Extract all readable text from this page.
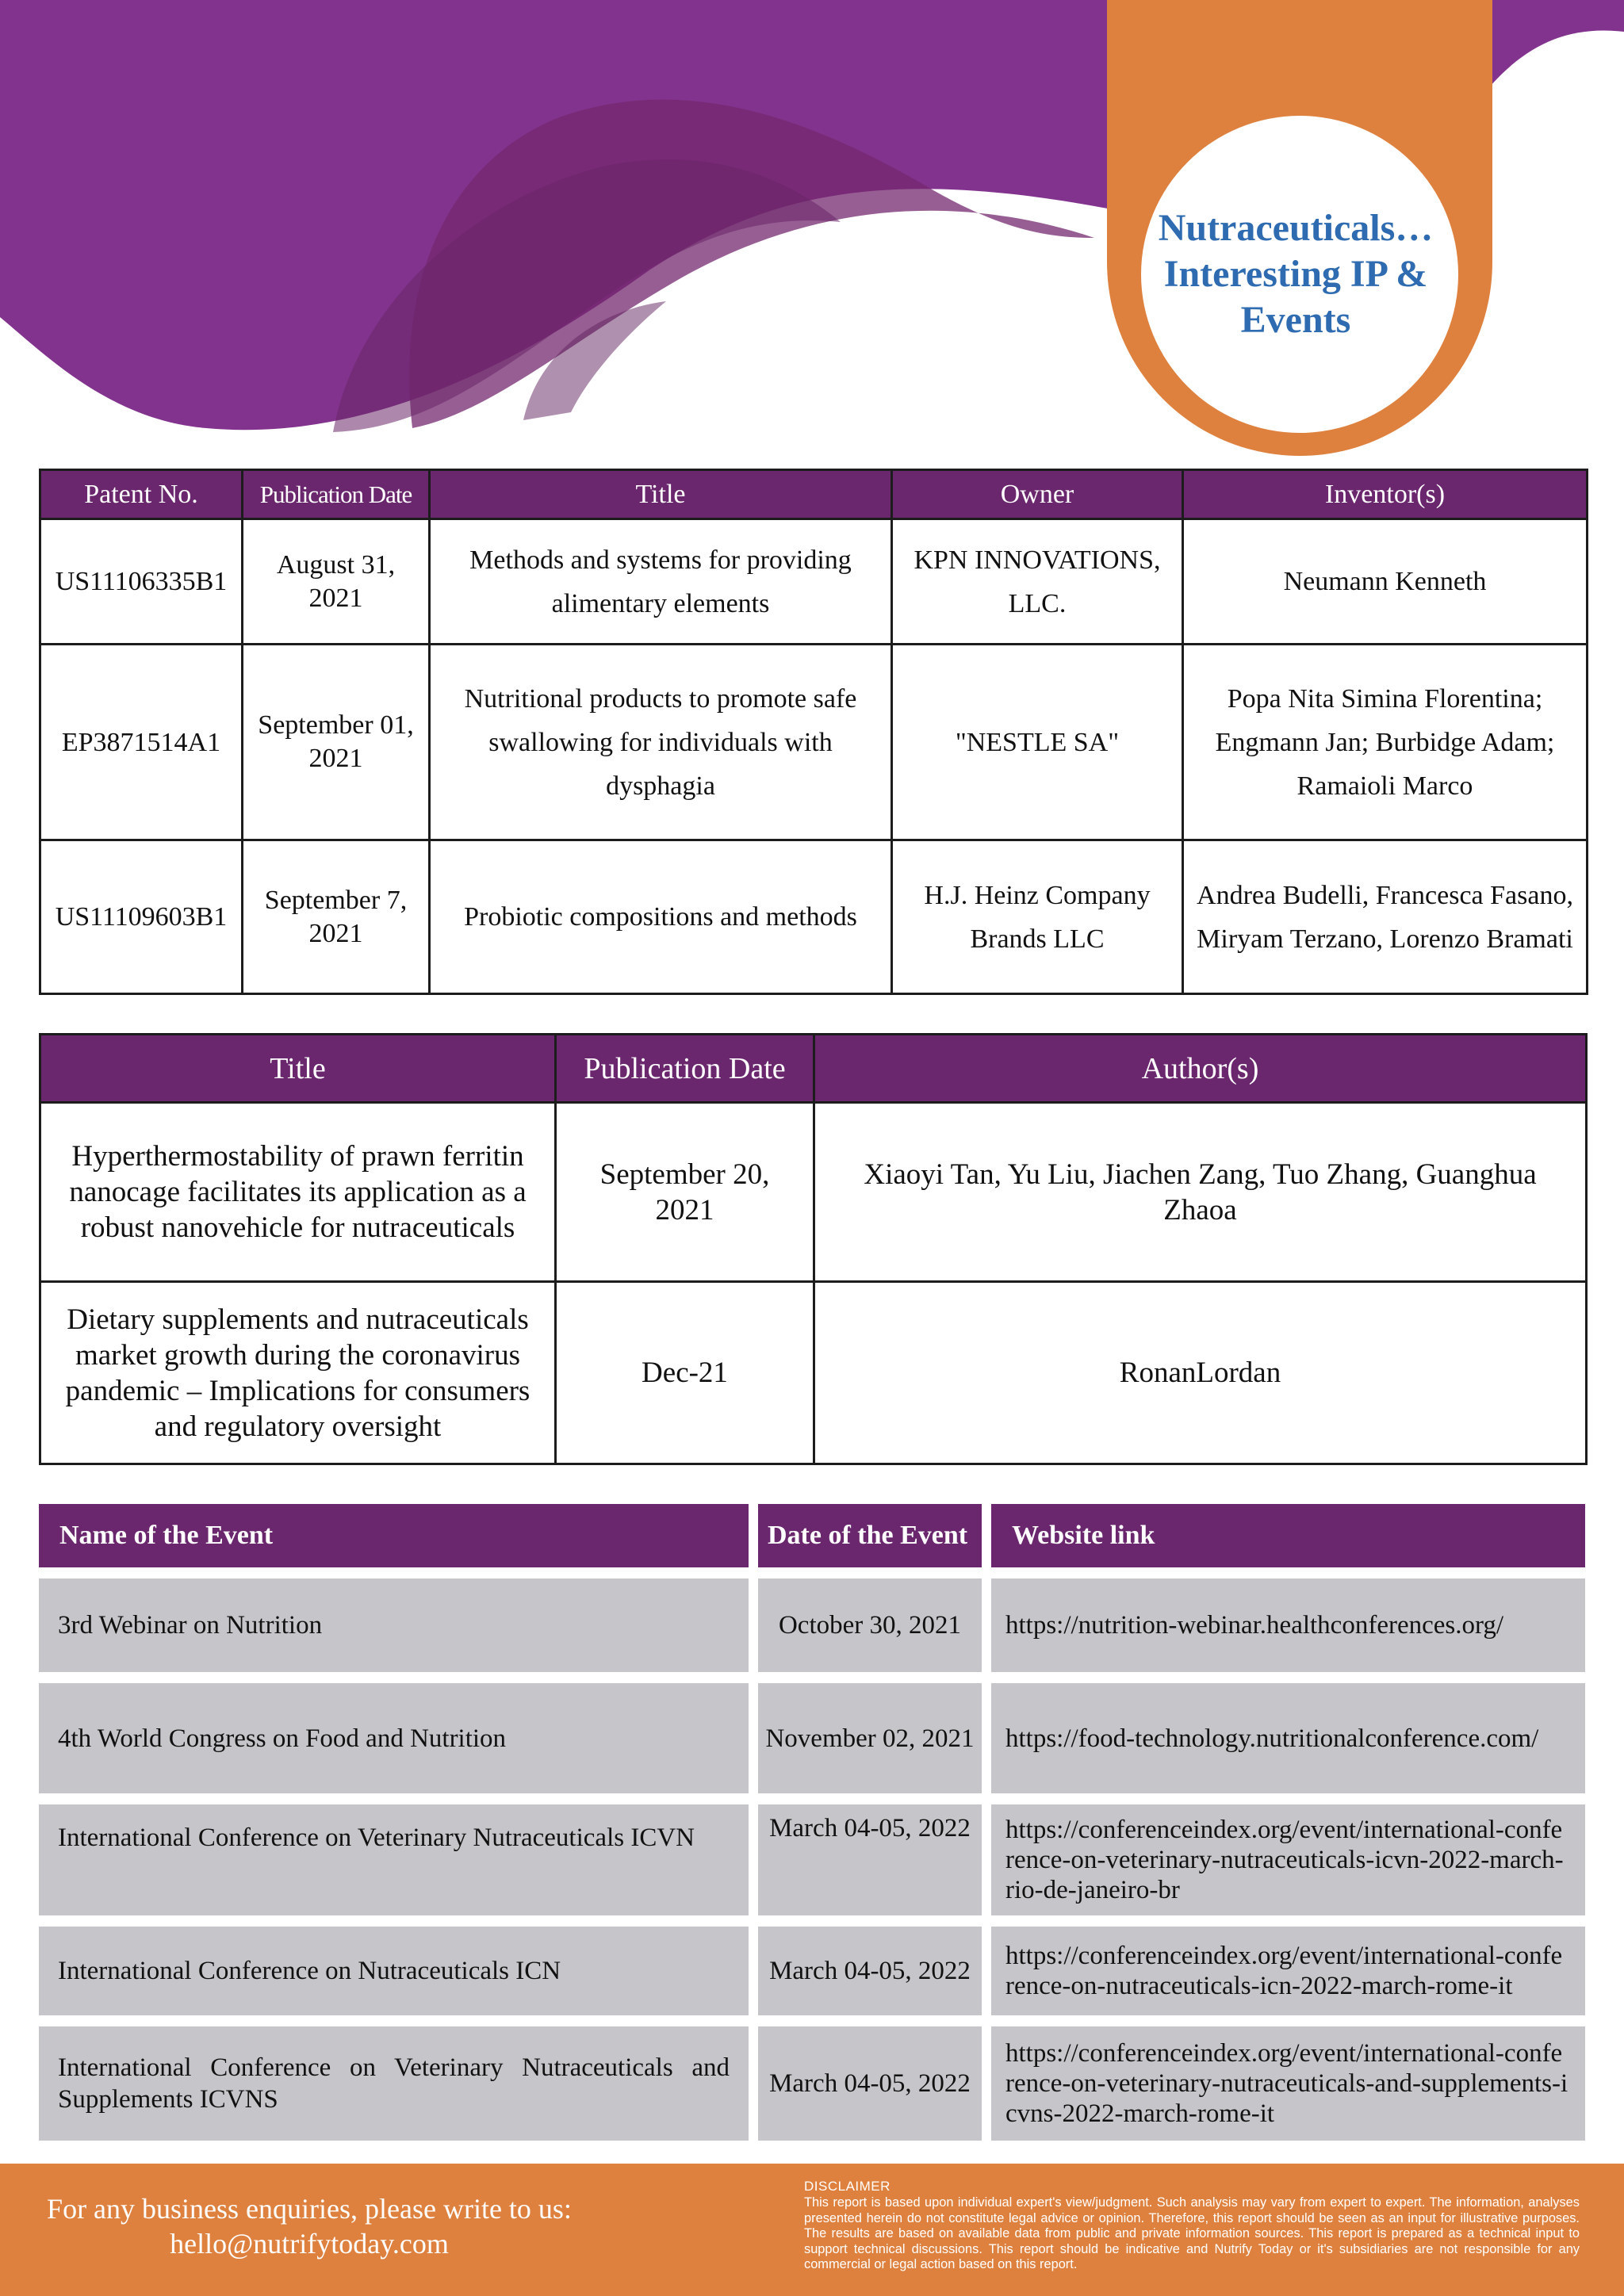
Nutraceuticals…
Interesting IP &
Events
Patent No.	Publication Date	Title	Owner	Inventor(s)
US11106335B1	August 31, 2021	Methods and systems for providing alimentary elements	KPN INNOVATIONS, LLC.	Neumann Kenneth
EP3871514A1	September 01, 2021	Nutritional products to promote safe swallowing for individuals with dysphagia	"NESTLE SA"	Popa Nita Simina Florentina; Engmann Jan; Burbidge Adam; Ramaioli Marco
US11109603B1	September 7, 2021	Probiotic compositions and methods	H.J. Heinz Company Brands LLC	Andrea Budelli, Francesca Fasano, Miryam Terzano, Lorenzo Bramati
Title	Publication Date	Author(s)
Hyperthermostability of prawn ferritin nanocage facilitates its application as a robust nanovehicle for nutraceuticals	September 20, 2021	Xiaoyi Tan, Yu Liu, Jiachen Zang, Tuo Zhang, Guanghua Zhaoa
Dietary supplements and nutraceuticals market growth during the coronavirus pandemic – Implications for consumers and regulatory oversight	Dec-21	RonanLordan
Name of the Event	Date of the Event	Website link
3rd Webinar on Nutrition	October 30, 2021	https://nutrition-webinar.healthconferences.org/
4th World Congress on Food and Nutrition	November 02, 2021	https://food-technology.nutritionalconference.com/
International Conference on Veterinary Nutraceuticals ICVN	March 04-05, 2022	https://conferenceindex.org/event/international-conference-on-veterinary-nutraceuticals-icvn-2022-march-rio-de-janeiro-br
International Conference on Nutraceuticals ICN	March 04-05, 2022	https://conferenceindex.org/event/international-conference-on-nutraceuticals-icn-2022-march-rome-it
International Conference on Veterinary Nutraceuticals and Supplements ICVNS	March 04-05, 2022	https://conferenceindex.org/event/international-conference-on-veterinary-nutraceuticals-and-supplements-icvns-2022-march-rome-it
For any business enquiries, please write to us:
hello@nutrifytoday.com
DISCLAIMER
This report is based upon individual expert's view/judgment. Such analysis may vary from expert to expert. The information, analyses presented herein do not constitute legal advice or opinion. Therefore, this report should be seen as an input for illustrative purposes. The results are based on available data from public and private information sources. This report is prepared as a technical input to support technical discussions. This report should be indicative and Nutrify Today or it's subsidiaries are not responsible for any commercial or legal action based on this report.
